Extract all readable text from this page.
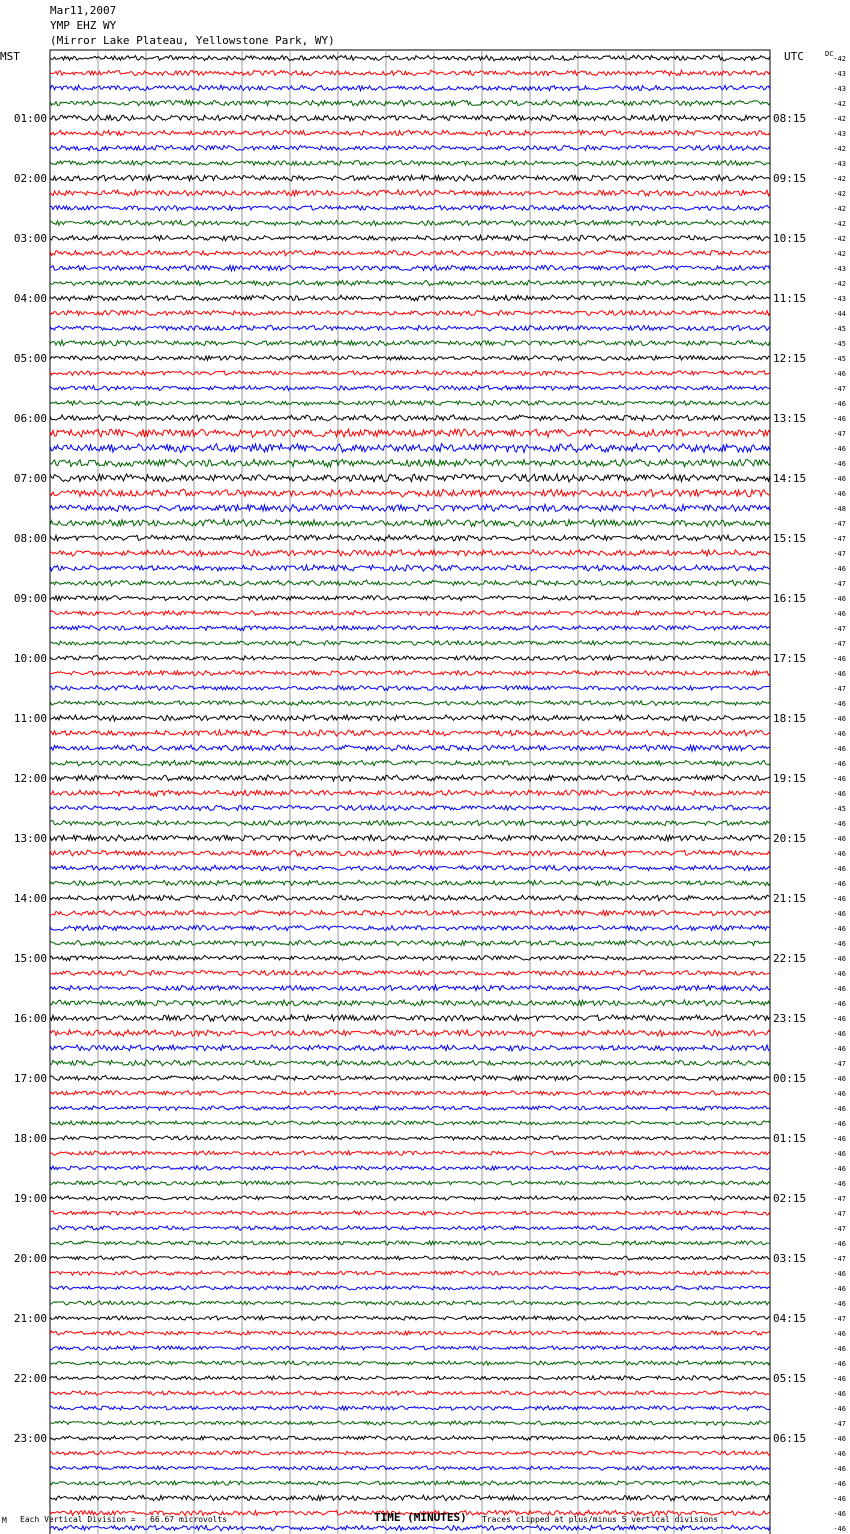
Mar11,2007
YMP EHZ WY
(Mirror Lake Plateau, Yellowstone Park, WY)
MST	UTC	DC
01:00
02:00
03:00
04:00
05:00
06:00
07:00
08:00
09:00
10:00
11:00
12:00
13:00
14:00
15:00
16:00
17:00
18:00
19:00
20:00
21:00
22:00
23:00
08:15
09:15
10:15
11:15
12:15
13:15
14:15
15:15
16:15
17:15
18:15
19:15
20:15
21:15
22:15
23:15
00:15
01:15
02:15
03:15
04:15
05:15
06:15
-42
-43
-43
-42
-42
-43
-42
-43
-42
-42
-42
-42
-42
-42
-43
-42
-43
-44
-45
-45
-45
-46
-47
-46
-46
-47
-46
-46
-46
-46
-48
-47
-47
-47
-46
-47
-46
-46
-47
-47
-46
-46
-47
-46
-46
-46
-46
-46
-46
-46
-45
-46
-46
-46
-46
-46
-46
-46
-46
-46
-46
-46
-46
-46
-46
-46
-46
-47
-46
-46
-46
-46
-46
-46
-46
-46
-47
-47
-47
-46
-47
-46
-46
-46
-47
-46
-46
-46
-46
-46
-46
-47
-46
-46
-46
-46
-46
-46
-46
M Each Vertical Division =   66.67 microvolts	TIME (MINUTES) Traces clipped at plus/minus 5 vertical divisions
